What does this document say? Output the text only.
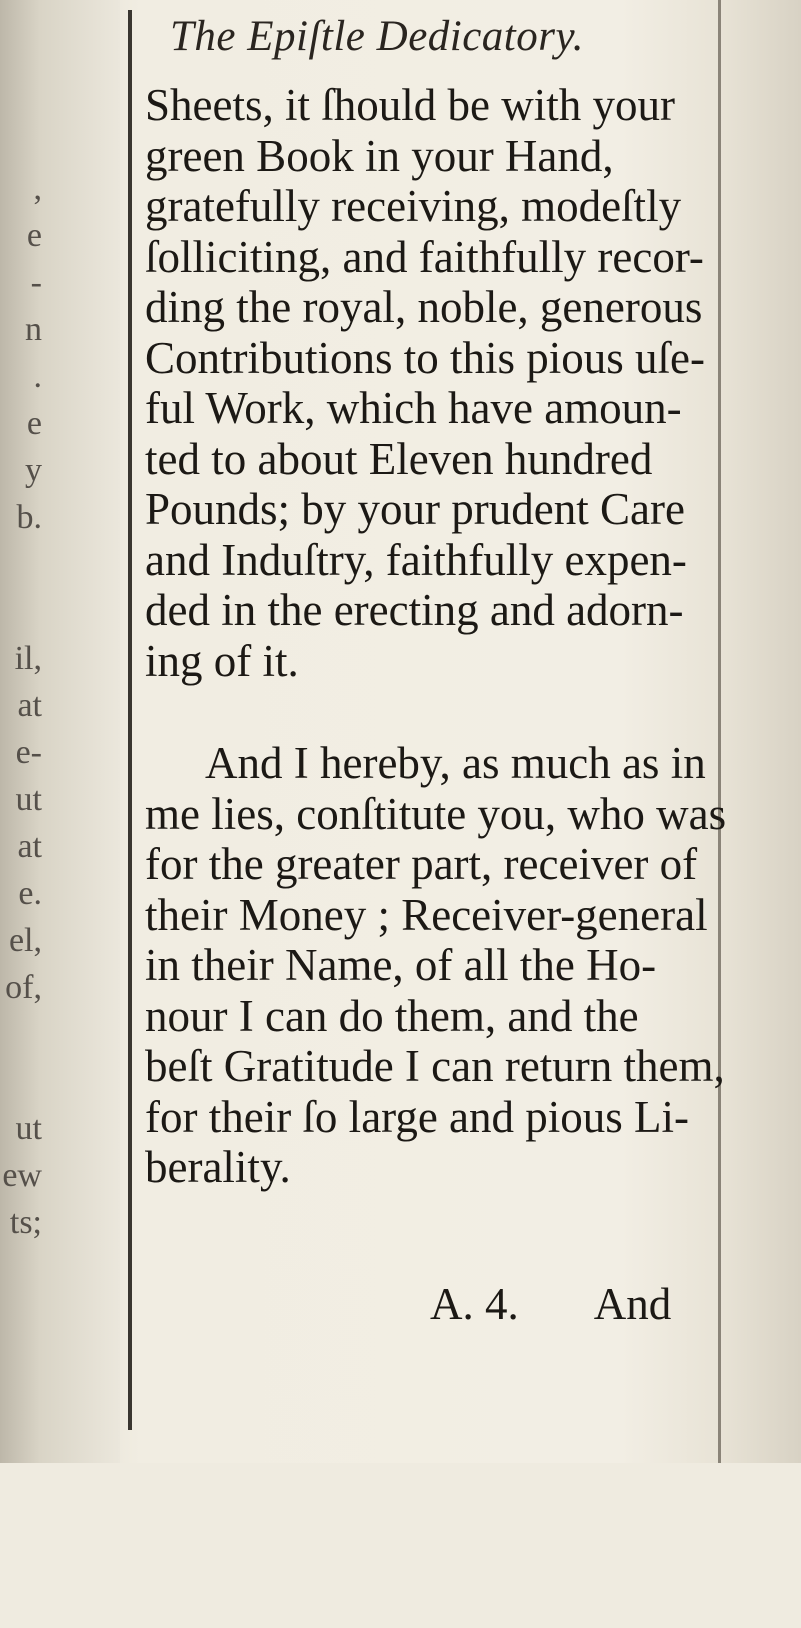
,
e
-
n
.
e
y
b.
il,
at
e-
ut
at
e.
el,
of,
ut
ew
ts;
The Epiſtle Dedicatory.
Sheets, it ſhould be with your
green Book in your Hand,
gratefully receiving, modeſtly
ſolliciting, and faithfully recor-
ding the royal, noble, generous
Contributions to this pious uſe-
ful Work, which have amoun-
ted to about Eleven hundred
Pounds; by your prudent Care
and Induſtry, faithfully expen-
ded in the erecting and adorn-
ing of it.
And I hereby, as much as in
me lies, conſtitute you, who was
for the greater part, receiver of
their Money ; Receiver-general
in their Name, of all the Ho-
nour I can do them, and the
beſt Gratitude I can return them,
for their ſo large and pious Li-
berality.
A. 4. And
